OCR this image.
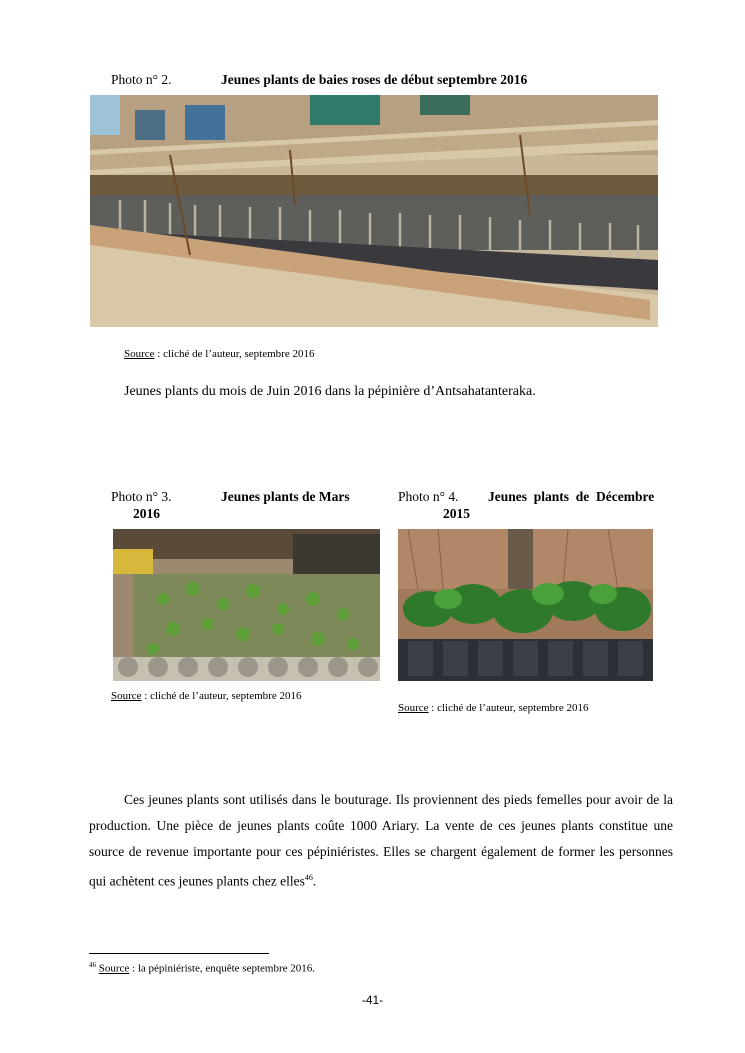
Photo n° 2.	Jeunes plants de baies roses de début septembre 2016
Source : cliché de l’auteur, septembre 2016
Jeunes plants du mois de Juin 2016 dans la pépinière d’Antsahatanteraka.
Photo n° 3.	Jeunes plants de Mars
2016
Photo n° 4. Jeunes  plants  de  Décembre
2015
Source : cliché de l’auteur, septembre 2016
Source : cliché de l’auteur, septembre 2016
Ces jeunes plants sont utilisés dans le bouturage. Ils proviennent des pieds femelles pour avoir de la production. Une pièce de jeunes plants coûte 1000 Ariary. La vente de ces jeunes plants constitue une source de revenue importante pour ces pépiniéristes. Elles se chargent également de former les personnes qui achètent ces jeunes plants chez elles$^{46}$.
$^{46}$ Source : la pépiniériste, enquête septembre 2016.
-41-
